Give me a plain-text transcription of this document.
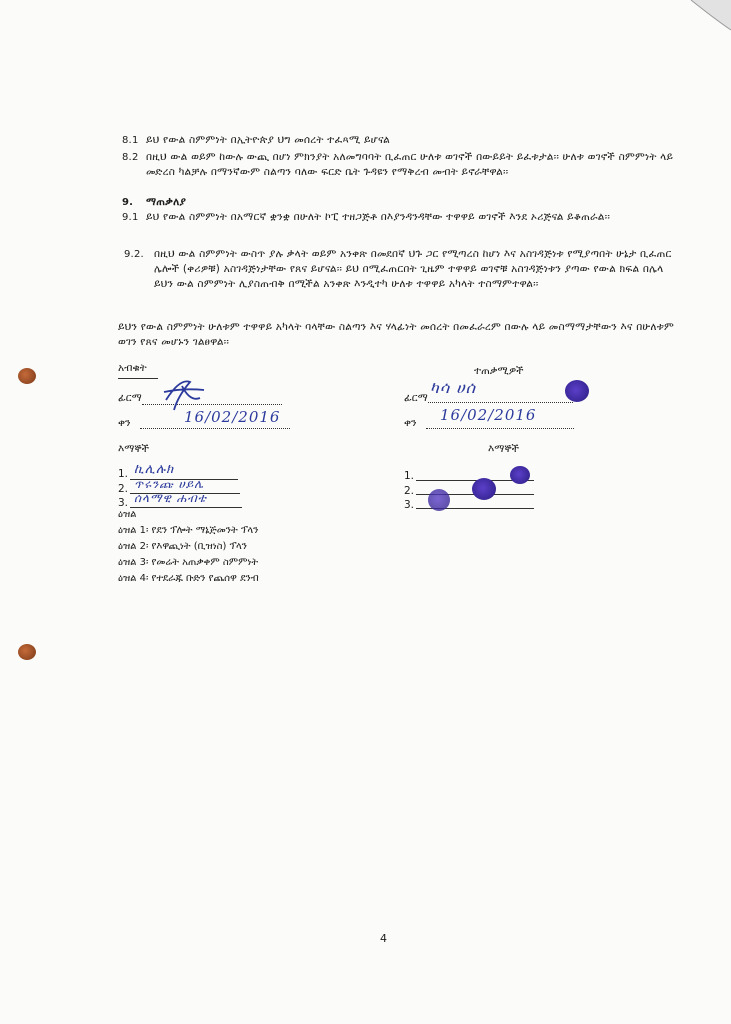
8.1 ይህ የውል ስምምነት በኢትዮጵያ ህግ መሰረት ተፈጻሚ ይሆናል
8.2 በዚህ ውል ወይም ከውሉ ውጪ በሆነ ምክንያት አለመግባባት ቢፈጠር ሁለቱ ወገኖች በውይይት ይፈቱታል፡፡ ሁለቱ ወገኖች ስምምነት ላይ መድረስ ካልቻሉ በማንኛውም ስልጣን ባለው ፍርድ ቤት ጉዳዩን የማቅረብ መብት ይኖራቸዋል፡፡
9. ማጠቃለያ
9.1 ይህ የውል ስምምነት በአማርኛ ቋንቋ በሁለት ኮፒ ተዘጋጅቶ በእያንዳንዳቸው ተዋዋይ ወገኖች እንደ ኦሪጅናል ይቆጠራል፡፡
9.2. በዚህ ውል ስምምነት ውስጥ ያሉ ቃላት ወይም አንቀጽ በመደበኛ ህጉ ጋር የሚጣረስ ከሆነ እና አስገዳጅነቱ የሚያጣበት ሁኔታ ቢፈጠር ሌሎች (ቀሪዎቹ) አስገዳጅነታቸው የጸና ይሆናል፡፡ ይህ በሚፈጠርበት ጊዜም ተዋዋይ ወገኖቹ አስገዳጅነቱን ያጣው የውል ክፍል በሌላ ይህን ውል ስምምነት ሊያስጠብቅ በሚችል አንቀጽ እንዲተካ ሁለቱ ተዋዋይ አካላት ተስማምተዋል፡፡
ይህን የውል ስምምነት ሁለቱም ተዋዋይ አካላት ባላቸው ስልጣን እና ሃላፊነት መሰረት በመፈራረም በውሉ ላይ መስማማታቸውን እና በሁለቱም ወገን የጸና መሆኑን ገልፀዋል፡፡
አብቁት
ፊርማ
ቀን	16/02/2016
እማኞች
1.
2.
3.
ኪሊሉክ
ጥሩንጩ ሀይሌ
ሰላማዊ ሐብቴ
ተጠቃሚዎች
ፊርማ
ካሳ ሀሰ
ቀን 16/02/2016
እማኞች
1.
2.
3.
ዕዝል
ዕዝል 1፡ የደን ፕሎት ማኔጅመንት ፕላን
ዕዝል 2፡ የእዋጪነት (ቢዝነስ) ፕላን
ዕዝል 3፡ የመሬት አጠቃቀም ስምምነት
ዕዝል 4፡ የተደራጁ ቡድን የጨሰዋ ደንብ
4
